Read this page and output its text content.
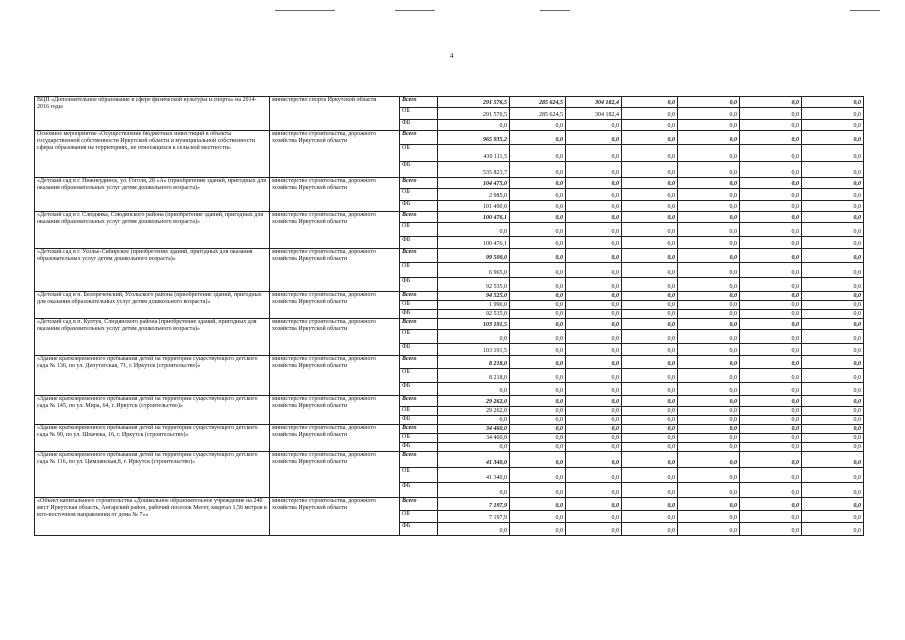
4
ВЦП «Дополнительное образование в сфере физической культуры и спорта» на 2014-2016 годы	министерство спорта Иркутской области	Всего	291 576,5	285 624,5	304 182,4	0,0	0,0	0,0	0,0
		ОБ	291 576,5	285 624,5	304 182,4	0,0	0,0	0,0	0,0
		ФБ	0,0	0,0	0,0	0,0	0,0	0,0	0,0
Основное мероприятие «Осуществление бюджетных инвестиций в объекты государственной собственности Иркутской области и муниципальной собственности сферы образования на территориях, не относящихся к сельской местности»	министерство строительства, дорожного хозяйства Иркутской области	Всего	965 935,2	0,0	0,0	0,0	0,0	0,0	0,0
		ОБ	430 111,5	0,0	0,0	0,0	0,0	0,0	0,0
		ФБ	535 823,7	0,0	0,0	0,0	0,0	0,0	0,0
«Детский сад в г. Нижнеудинск, ул. Гоголя, 28 «А» (приобретение зданий, пригодных для оказания образовательных услуг детям дошкольного возраста)»	министерство строительства, дорожного хозяйства Иркутской области	Всего	104 475,0	0,0	0,0	0,0	0,0	0,0	0,0
		ОБ	2 985,0	0,0	0,0	0,0	0,0	0,0	0,0
		ФБ	101 490,0	0,0	0,0	0,0	0,0	0,0	0,0
«Детский сад в г. Слюдянка, Слюдянского района (приобретение зданий, пригодных для оказания образовательных услуг детям дошкольного возраста)»	министерство строительства, дорожного хозяйства Иркутской области	Всего	100 476,1	0,0	0,0	0,0	0,0	0,0	0,0
		ОБ	0,0	0,0	0,0	0,0	0,0	0,0	0,0
		ФБ	100 476,1	0,0	0,0	0,0	0,0	0,0	0,0
«Детский сад в г. Усолье-Сибирское (приобретение зданий, пригодных для оказания образовательных услуг детям дошкольного возраста)»	министерство строительства, дорожного хозяйства Иркутской области	Всего	99 500,0	0,0	0,0	0,0	0,0	0,0	0,0
		ОБ	6 965,0	0,0	0,0	0,0	0,0	0,0	0,0
		ФБ	92 535,0	0,0	0,0	0,0	0,0	0,0	0,0
«Детский сад в п. Белореченский, Усольского района (приобретение зданий, пригодных для оказания образовательных услуг детям дошкольного возраста)»	министерство строительства, дорожного хозяйства Иркутской области	Всего	94 525,0	0,0	0,0	0,0	0,0	0,0	0,0
		ОБ	1 990,0	0,0	0,0	0,0	0,0	0,0	0,0
		ФБ	92 535,0	0,0	0,0	0,0	0,0	0,0	0,0
«Детский сад в п. Култук, Слюдянского района (приобретение зданий, пригодных для оказания образовательных услуг детям дошкольного возраста)»	министерство строительства, дорожного хозяйства Иркутской области	Всего	103 191,5	0,0	0,0	0,0	0,0	0,0	0,0
		ОБ	0,0	0,0	0,0	0,0	0,0	0,0	0,0
		ФБ	103 191,5	0,0	0,0	0,0	0,0	0,0	0,0
«Здание кратковременного пребывания детей на территории существующего детского сада № 136, по ул. Депутатская, 71, г. Иркутск (строительство)»	министерство строительства, дорожного хозяйства Иркутской области	Всего	8 218,0	0,0	0,0	0,0	0,0	0,0	0,0
		ОБ	8 218,0	0,0	0,0	0,0	0,0	0,0	0,0
		ФБ	0,0	0,0	0,0	0,0	0,0	0,0	0,0
«Здание кратковременного пребывания детей на территории существующего детского сада № 145, по ул. Мира, 64, г. Иркутск (строительство)»	министерство строительства, дорожного хозяйства Иркутской области	Всего	29 262,0	0,0	0,0	0,0	0,0	0,0	0,0
		ОБ	29 262,0	0,0	0,0	0,0	0,0	0,0	0,0
		ФБ	0,0	0,0	0,0	0,0	0,0	0,0	0,0
«Здание кратковременного пребывания детей на территории существующего детского сада № 90, по ул. Шпачека, 16, г. Иркутск (строительство)»	министерство строительства, дорожного хозяйства Иркутской области	Всего	34 460,0	0,0	0,0	0,0	0,0	0,0	0,0
		ОБ	34 460,0	0,0	0,0	0,0	0,0	0,0	0,0
		ФБ	0,0	0,0	0,0	0,0	0,0	0,0	0,0
«Здание кратковременного пребывания детей на территории существующего детского сада № 116, по ул. Цимлянская,8, г. Иркутск (строительство)»	министерство строительства, дорожного хозяйства Иркутской области	Всего	41 340,0	0,0	0,0	0,0	0,0	0,0	0,0
		ОБ	41 340,0	0,0	0,0	0,0	0,0	0,0	0,0
		ФБ	0,0	0,0	0,0	0,0	0,0	0,0	0,0
«Объект капитального строительства «Дошкольное образовательное учреждение на 240 мест Иркутская область, Ангарский район, рабочий поселок Мегет, квартал 1,56 метров в юго-восточном направлении от дома № 7»»	министерство строительства, дорожного хозяйства Иркутской области	Всего	7 197,9	0,0	0,0	0,0	0,0	0,0	0,0
		ОБ	7 197,9	0,0	0,0	0,0	0,0	0,0	0,0
		ФБ	0,0	0,0	0,0	0,0	0,0	0,0	0,0
